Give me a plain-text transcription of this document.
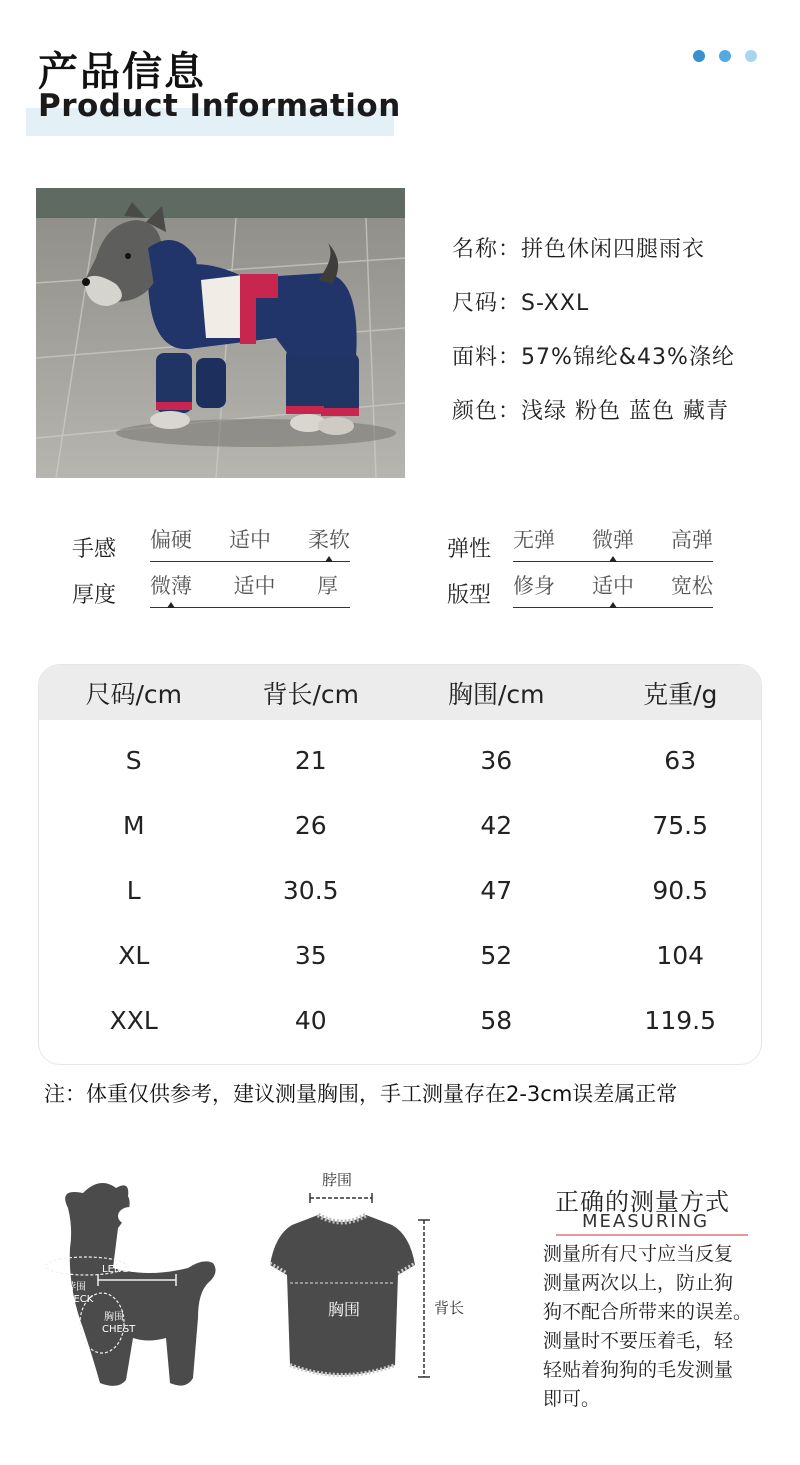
产品信息
Product Information
名称：拼色休闲四腿雨衣
尺码：S-XXL
面料：57%锦纶&43%涤纶
颜色：浅绿 粉色 蓝色 藏青
手感 偏硬 适中 柔软	弹性 无弹 微弹 高弹
厚度 微薄 适中 厚	版型 修身 适中 宽松
尺码/cm	背长/cm	胸围/cm	克重/g
S	21	36	63
M	26	42	75.5
L	30.5	47	90.5
XL	35	52	104
XXL	40	58	119.5
注：体重仅供参考，建议测量胸围，手工测量存在2-3cm误差属正常
LENGTH背长
脖围
NECK
胸围
CHEST
脖围
胸围	背长
正确的测量方式
MEASURING
测量所有尺寸应当反复
测量两次以上，防止狗
狗不配合所带来的误差。
测量时不要压着毛，轻
轻贴着狗狗的毛发测量
即可。
